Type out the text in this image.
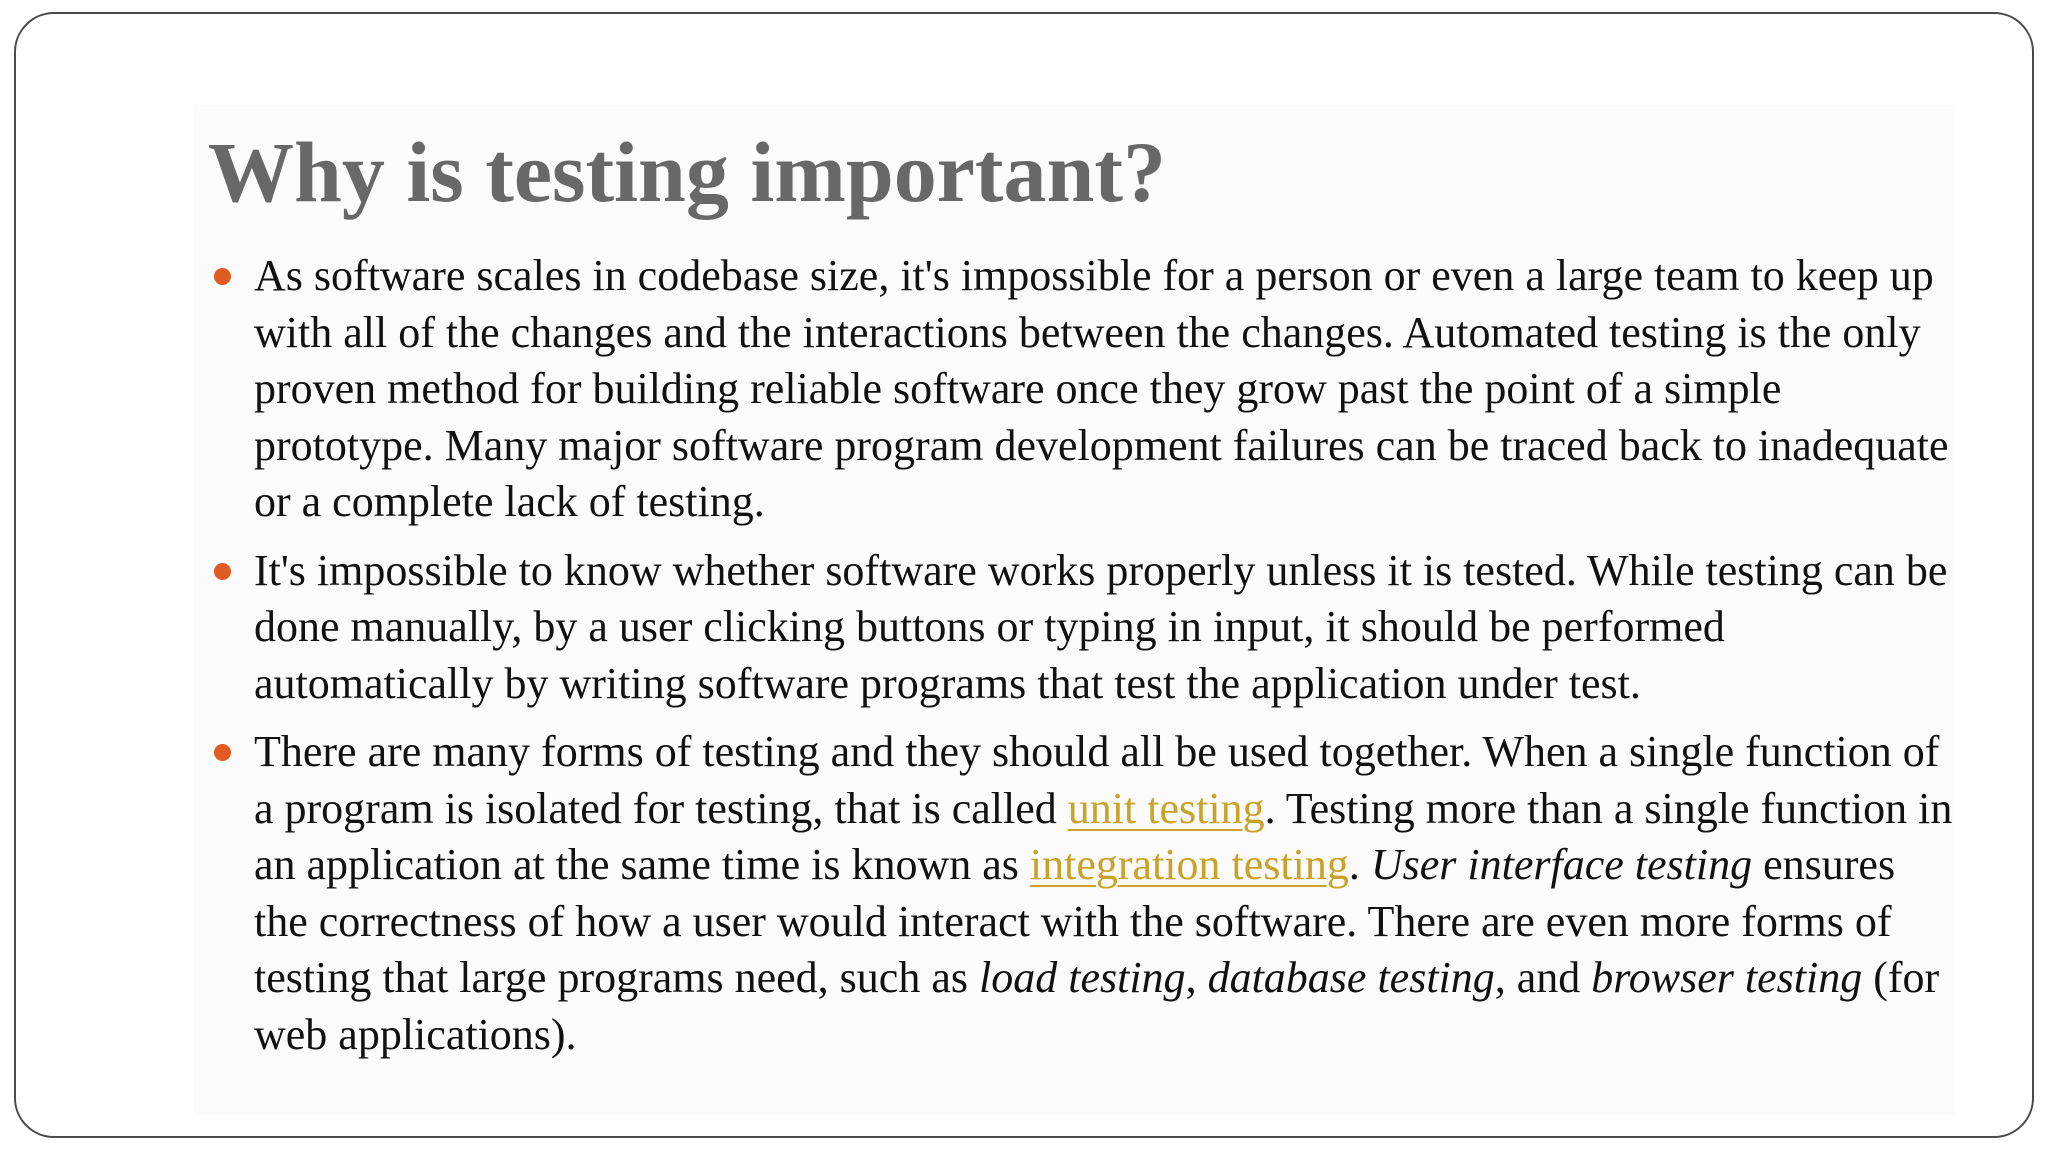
Why is testing important?
As software scales in codebase size, it's impossible for a person or even a large team to keep up with all of the changes and the interactions between the changes. Automated testing is the only proven method for building reliable software once they grow past the point of a simple prototype. Many major software program development failures can be traced back to inadequate or a complete lack of testing.
It's impossible to know whether software works properly unless it is tested. While testing can be done manually, by a user clicking buttons or typing in input, it should be performed automatically by writing software programs that test the application under test.
There are many forms of testing and they should all be used together. When a single function of a program is isolated for testing, that is called unit testing. Testing more than a single function in an application at the same time is known as integration testing. User interface testing ensures the correctness of how a user would interact with the software. There are even more forms of testing that large programs need, such as load testing, database testing, and browser testing (for web applications).
